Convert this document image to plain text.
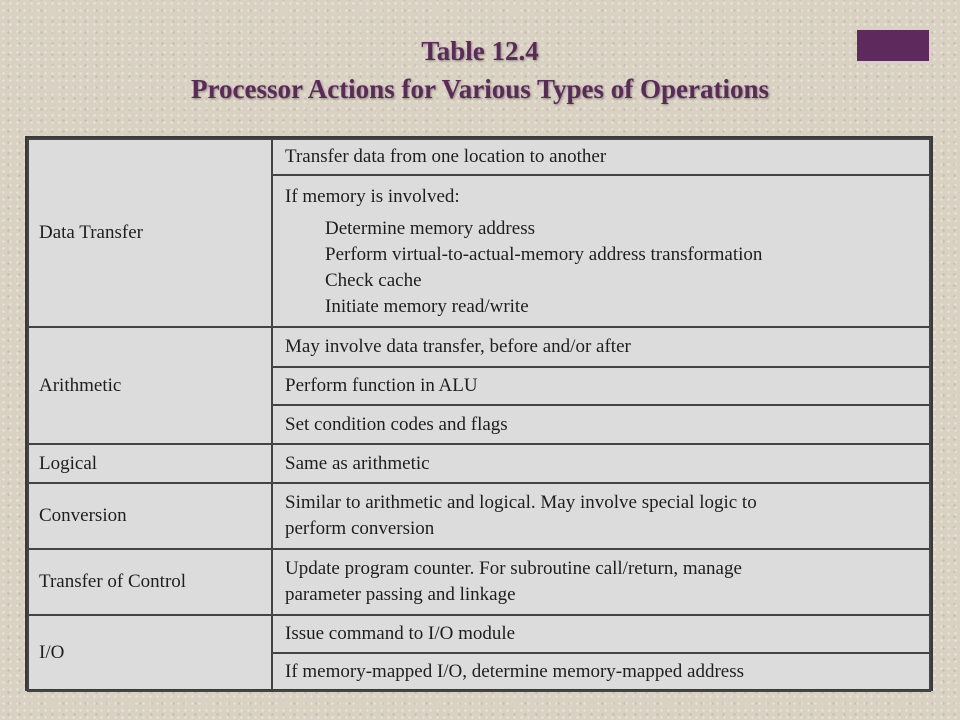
Table 12.4
Processor Actions for Various Types of Operations
Data Transfer	Transfer data from one location to another

	If memory is involved:
Determine memory address
Perform virtual-to-actual-memory address transformation
Check cache
Initiate memory read/write

Arithmetic	May involve data transfer, before and/or after
	Perform function in ALU
	Set condition codes and flags
Logical	Same as arithmetic
Conversion	Similar to arithmetic and logical. May involve special logic to
perform conversion

Transfer of Control	Update program counter. For subroutine call/return, manage
parameter passing and linkage

I/O	Issue command to I/O module
	If memory-mapped I/O, determine memory-mapped address
